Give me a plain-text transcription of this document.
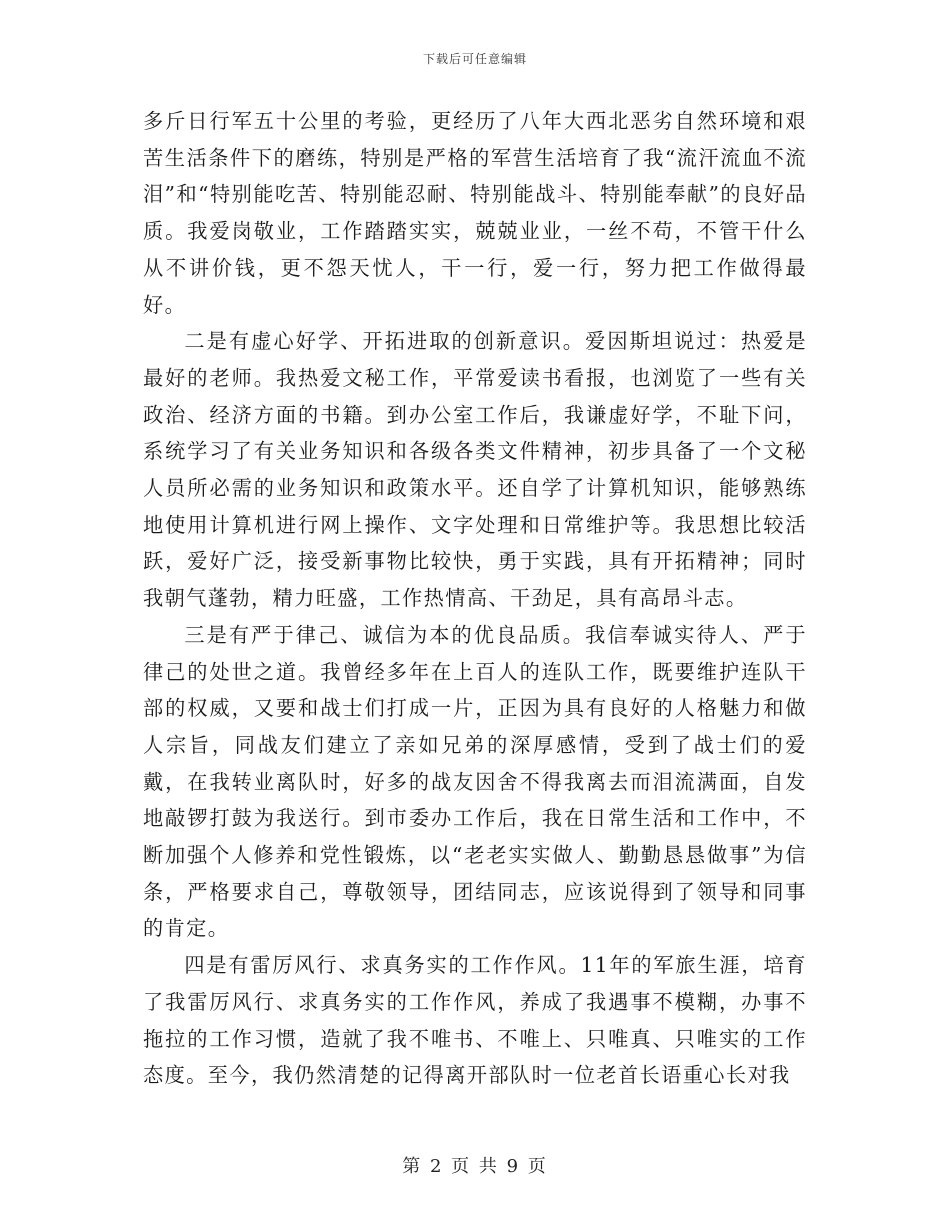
下载后可任意编辑

多斤日行军五十公里的考验，更经历了八年大西北恶劣自然环境和艰苦生活条件下的磨练，特别是严格的军营生活培育了我“流汗流血不流泪”和“特别能吃苦、特别能忍耐、特别能战斗、特别能奉献”的良好品质。我爱岗敬业，工作踏踏实实，兢兢业业，一丝不苟，不管干什么从不讲价钱，更不怨天忧人，干一行，爱一行，努力把工作做得最好。

二是有虚心好学、开拓进取的创新意识。爱因斯坦说过：热爱是最好的老师。我热爱文秘工作，平常爱读书看报，也浏览了一些有关政治、经济方面的书籍。到办公室工作后，我谦虚好学，不耻下问，系统学习了有关业务知识和各级各类文件精神，初步具备了一个文秘人员所必需的业务知识和政策水平。还自学了计算机知识，能够熟练地使用计算机进行网上操作、文字处理和日常维护等。我思想比较活跃，爱好广泛，接受新事物比较快，勇于实践，具有开拓精神；同时我朝气蓬勃，精力旺盛，工作热情高、干劲足，具有高昂斗志。

三是有严于律己、诚信为本的优良品质。我信奉诚实待人、严于律己的处世之道。我曾经多年在上百人的连队工作，既要维护连队干部的权威，又要和战士们打成一片，正因为具有良好的人格魅力和做人宗旨，同战友们建立了亲如兄弟的深厚感情，受到了战士们的爱戴，在我转业离队时，好多的战友因舍不得我离去而泪流满面，自发地敲锣打鼓为我送行。到市委办工作后，我在日常生活和工作中，不断加强个人修养和党性锻炼，以“老老实实做人、勤勤恳恳做事”为信条，严格要求自己，尊敬领导，团结同志，应该说得到了领导和同事的肯定。

四是有雷厉风行、求真务实的工作作风。11年的军旅生涯，培育了我雷厉风行、求真务实的工作作风，养成了我遇事不模糊，办事不拖拉的工作习惯，造就了我不唯书、不唯上、只唯真、只唯实的工作态度。至今，我仍然清楚的记得离开部队时一位老首长语重心长对我

第 2 页 共 9 页
